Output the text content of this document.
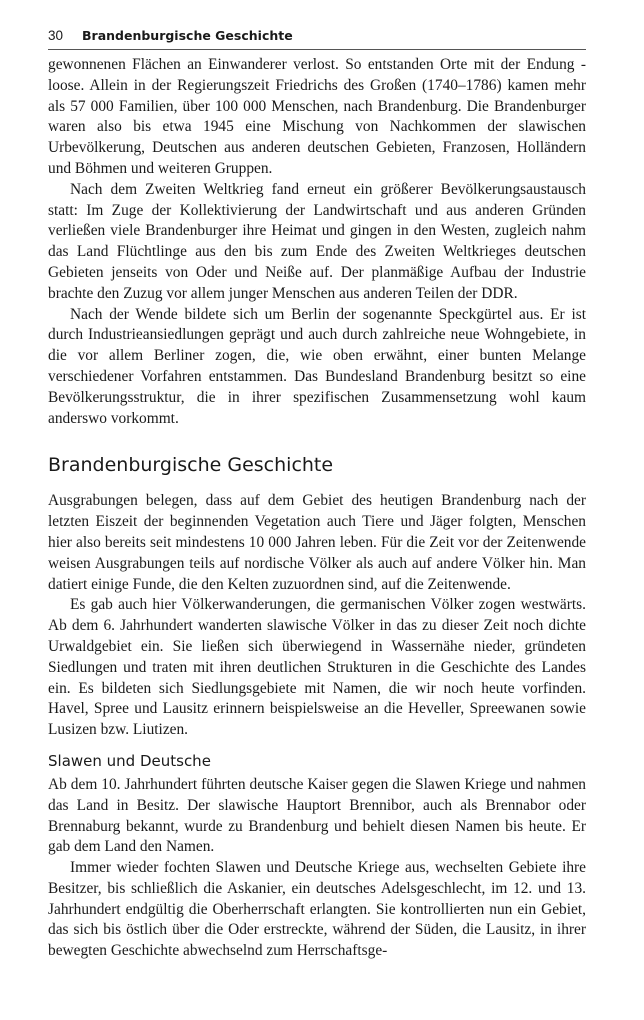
30	Brandenburgische Geschichte

gewonnenen Flächen an Einwanderer verlost. So entstanden Orte mit der Endung -loose. Allein in der Regierungszeit Friedrichs des Großen (1740–1786) kamen mehr als 57 000 Familien, über 100 000 Menschen, nach Brandenburg. Die Brandenburger waren also bis etwa 1945 eine Mischung von Nachkommen der slawischen Urbevölkerung, Deutschen aus anderen deutschen Gebieten, Franzosen, Holländern und Böhmen und weiteren Gruppen.

Nach dem Zweiten Weltkrieg fand erneut ein größerer Bevölkerungsaustausch statt: Im Zuge der Kollektivierung der Landwirtschaft und aus anderen Gründen verließen viele Brandenburger ihre Heimat und gingen in den Westen, zugleich nahm das Land Flüchtlinge aus den bis zum Ende des Zweiten Weltkrieges deutschen Gebieten jenseits von Oder und Neiße auf. Der planmäßige Aufbau der Industrie brachte den Zuzug vor allem junger Menschen aus anderen Teilen der DDR.

Nach der Wende bildete sich um Berlin der sogenannte Speckgürtel aus. Er ist durch Industrieansiedlungen geprägt und auch durch zahlreiche neue Wohngebiete, in die vor allem Berliner zogen, die, wie oben erwähnt, einer bunten Melange verschiedener Vorfahren entstammen. Das Bundesland Brandenburg besitzt so eine Bevölkerungsstruktur, die in ihrer spezifischen Zusammensetzung wohl kaum anderswo vorkommt.

Brandenburgische Geschichte

Ausgrabungen belegen, dass auf dem Gebiet des heutigen Brandenburg nach der letzten Eiszeit der beginnenden Vegetation auch Tiere und Jäger folgten, Menschen hier also bereits seit mindestens 10 000 Jahren leben. Für die Zeit vor der Zeitenwende weisen Ausgrabungen teils auf nordische Völker als auch auf andere Völker hin. Man datiert einige Funde, die den Kelten zuzuordnen sind, auf die Zeitenwende.

Es gab auch hier Völkerwanderungen, die germanischen Völker zogen westwärts. Ab dem 6. Jahrhundert wanderten slawische Völker in das zu dieser Zeit noch dichte Urwaldgebiet ein. Sie ließen sich überwiegend in Wassernähe nieder, gründeten Siedlungen und traten mit ihren deutlichen Strukturen in die Geschichte des Landes ein. Es bildeten sich Siedlungsgebiete mit Namen, die wir noch heute vorfinden. Havel, Spree und Lausitz erinnern beispielsweise an die Heveller, Spreewanen sowie Lusizen bzw. Liutizen.

Slawen und Deutsche

Ab dem 10. Jahrhundert führten deutsche Kaiser gegen die Slawen Kriege und nahmen das Land in Besitz. Der slawische Hauptort Brennibor, auch als Brennabor oder Brennaburg bekannt, wurde zu Brandenburg und behielt diesen Namen bis heute. Er gab dem Land den Namen.

Immer wieder fochten Slawen und Deutsche Kriege aus, wechselten Gebiete ihre Besitzer, bis schließlich die Askanier, ein deutsches Adelsgeschlecht, im 12. und 13. Jahrhundert endgültig die Oberherrschaft erlangten. Sie kontrollierten nun ein Gebiet, das sich bis östlich über die Oder erstreckte, während der Süden, die Lausitz, in ihrer bewegten Geschichte abwechselnd zum Herrschaftsge-
